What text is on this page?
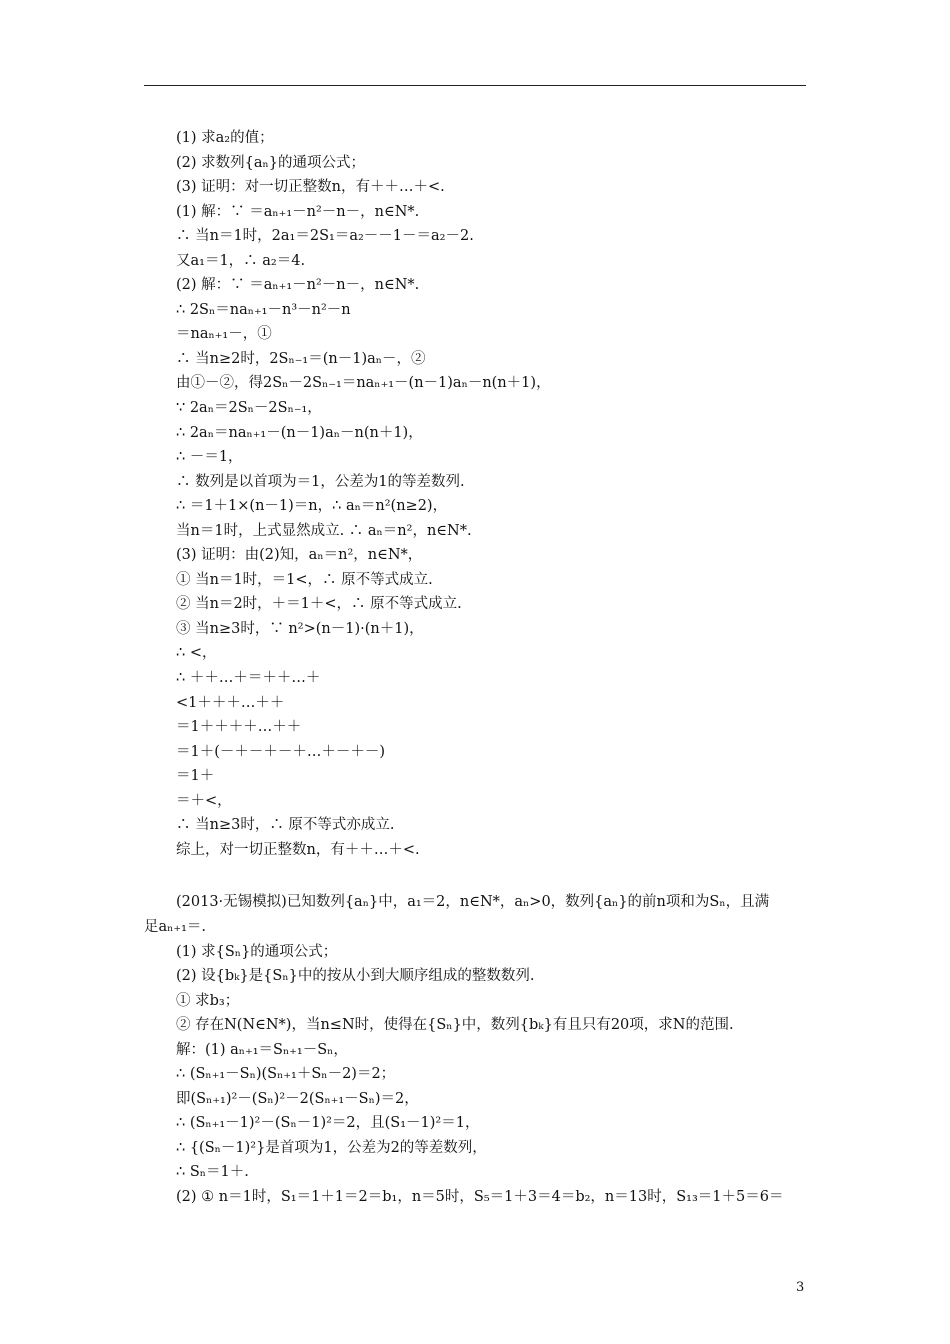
(1) 求a₂的值；
(2) 求数列{aₙ}的通项公式；
(3) 证明：对一切正整数n，有＋＋…＋<.
(1) 解：∵ ＝aₙ₊₁－n²－n－，n∈N*.
∴ 当n＝1时，2a₁＝2S₁＝a₂－－1－＝a₂－2.
又a₁＝1，∴ a₂＝4.
(2) 解：∵ ＝aₙ₊₁－n²－n－，n∈N*.
∴ 2Sₙ＝naₙ₊₁－n³－n²－n
＝naₙ₊₁－，①
∴ 当n≥2时，2Sₙ₋₁＝(n－1)aₙ－，②
由①－②，得2Sₙ－2Sₙ₋₁＝naₙ₊₁－(n－1)aₙ－n(n＋1)，
∵ 2aₙ＝2Sₙ－2Sₙ₋₁，
∴ 2aₙ＝naₙ₊₁－(n－1)aₙ－n(n＋1)，
∴ －＝1，
∴ 数列是以首项为＝1，公差为1的等差数列.
∴ ＝1＋1×(n－1)＝n，∴ aₙ＝n²(n≥2)，
当n＝1时，上式显然成立. ∴ aₙ＝n²，n∈N*.
(3) 证明：由(2)知，aₙ＝n²，n∈N*，
① 当n＝1时，＝1<，∴ 原不等式成立.
② 当n＝2时，＋＝1＋<，∴ 原不等式成立.
③ 当n≥3时，∵ n²>(n－1)·(n＋1)，
∴ <，
∴ ＋＋…＋＝＋＋…＋
<1＋＋＋…＋＋
＝1＋＋＋＋…＋＋
＝1＋(－＋－＋－＋…＋－＋－)
＝1＋
＝＋<，
∴ 当n≥3时，∴ 原不等式亦成立.
综上，对一切正整数n，有＋＋…＋<.
(2013·无锡模拟)已知数列{aₙ}中，a₁＝2，n∈N*，aₙ>0，数列{aₙ}的前n项和为Sₙ，且满
足aₙ₊₁＝.
(1) 求{Sₙ}的通项公式；
(2) 设{bₖ}是{Sₙ}中的按从小到大顺序组成的整数数列.
① 求b₃；
② 存在N(N∈N*)，当n≤N时，使得在{Sₙ}中，数列{bₖ}有且只有20项，求N的范围.
解：(1) aₙ₊₁＝Sₙ₊₁－Sₙ，
∴ (Sₙ₊₁－Sₙ)(Sₙ₊₁＋Sₙ－2)＝2；
即(Sₙ₊₁)²－(Sₙ)²－2(Sₙ₊₁－Sₙ)＝2，
∴ (Sₙ₊₁－1)²－(Sₙ－1)²＝2，且(S₁－1)²＝1，
∴ {(Sₙ－1)²}是首项为1，公差为2的等差数列，
∴ Sₙ＝1＋.
(2) ① n＝1时，S₁＝1＋1＝2＝b₁，n＝5时，S₅＝1＋3＝4＝b₂，n＝13时，S₁₃＝1＋5＝6＝
3
